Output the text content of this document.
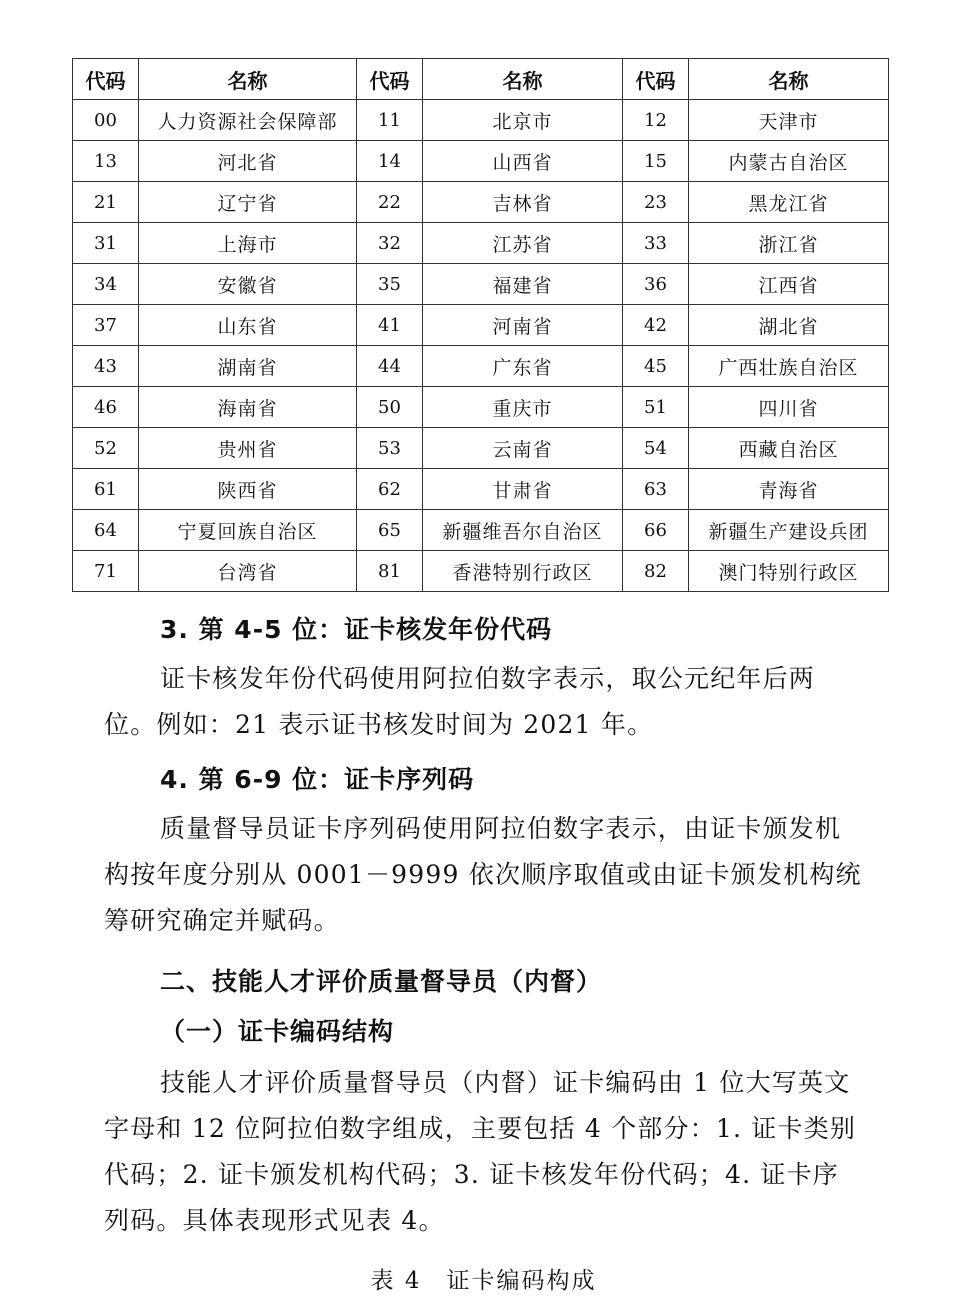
代码	名称	代码	名称	代码	名称
00	人力资源社会保障部	11	北京市	12	天津市
13	河北省	14	山西省	15	内蒙古自治区
21	辽宁省	22	吉林省	23	黑龙江省
31	上海市	32	江苏省	33	浙江省
34	安徽省	35	福建省	36	江西省
37	山东省	41	河南省	42	湖北省
43	湖南省	44	广东省	45	广西壮族自治区
46	海南省	50	重庆市	51	四川省
52	贵州省	53	云南省	54	西藏自治区
61	陕西省	62	甘肃省	63	青海省
64	宁夏回族自治区	65	新疆维吾尔自治区	66	新疆生产建设兵团
71	台湾省	81	香港特别行政区	82	澳门特别行政区
3. 第 4-5 位：证卡核发年份代码
证卡核发年份代码使用阿拉伯数字表示，取公元纪年后两位。例如：21 表示证书核发时间为 2021 年。
4. 第 6-9 位：证卡序列码
质量督导员证卡序列码使用阿拉伯数字表示，由证卡颁发机构按年度分别从 0001－9999 依次顺序取值或由证卡颁发机构统筹研究确定并赋码。
二、技能人才评价质量督导员（内督）
（一）证卡编码结构
技能人才评价质量督导员（内督）证卡编码由 1 位大写英文字母和 12 位阿拉伯数字组成，主要包括 4 个部分：1. 证卡类别代码；2. 证卡颁发机构代码；3. 证卡核发年份代码；4. 证卡序列码。具体表现形式见表 4。
表 4　证卡编码构成
